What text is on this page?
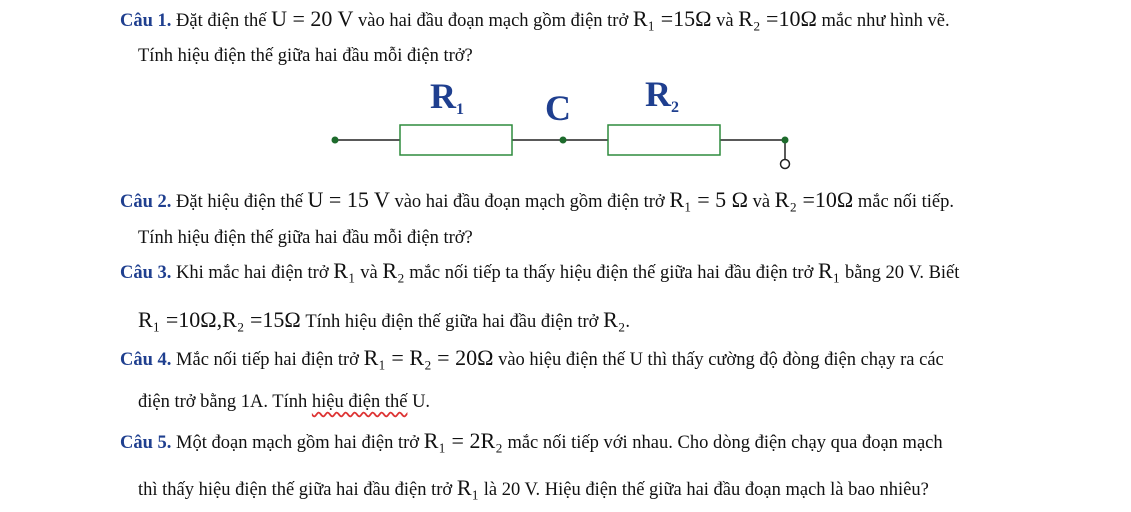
Câu 1. Đặt điện thế U = 20 V vào hai đầu đoạn mạch gồm điện trở R₁ =15Ω và R₂ =10Ω mắc như hình vẽ.
Tính hiệu điện thế giữa hai đầu mỗi điện trở?
R1 C R2
Câu 2. Đặt hiệu điện thế U = 15 V vào hai đầu đoạn mạch gồm điện trở R₁ = 5 Ω và R₂ =10Ω mắc nối tiếp.
Tính hiệu điện thế giữa hai đầu mỗi điện trở?
Câu 3. Khi mắc hai điện trở R₁ và R₂ mắc nối tiếp ta thấy hiệu điện thế giữa hai đầu điện trở R₁ bằng 20 V. Biết
R₁ =10Ω,R₂ =15Ω Tính hiệu điện thế giữa hai đầu điện trở R₂.
Câu 4. Mắc nối tiếp hai điện trở R₁ = R₂ = 20Ω vào hiệu điện thế U thì thấy cường độ đòng điện chạy ra các
điện trở bằng 1A. Tính hiệu điện thế U.
Câu 5. Một đoạn mạch gồm hai điện trở R₁ = 2R₂ mắc nối tiếp với nhau. Cho dòng điện chạy qua đoạn mạch
thì thấy hiệu điện thế giữa hai đầu điện trở R₁ là 20 V. Hiệu điện thế giữa hai đầu đoạn mạch là bao nhiêu?
